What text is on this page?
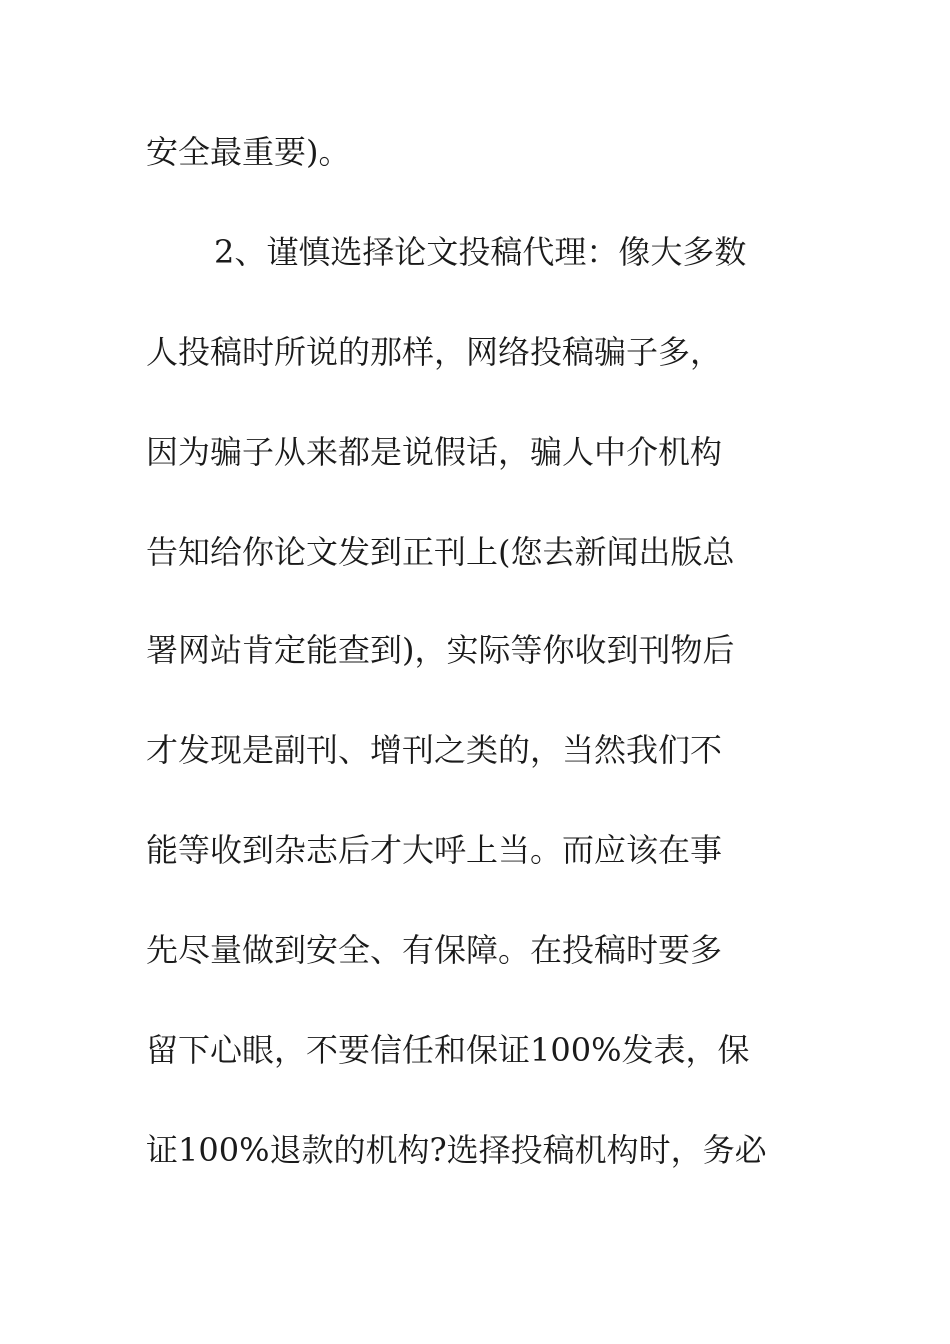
安全最重要)。
2、谨慎选择论文投稿代理：像大多数
人投稿时所说的那样，网络投稿骗子多，
因为骗子从来都是说假话，骗人中介机构
告知给你论文发到正刊上(您去新闻出版总
署网站肯定能查到)，实际等你收到刊物后
才发现是副刊、增刊之类的，当然我们不
能等收到杂志后才大呼上当。而应该在事
先尽量做到安全、有保障。在投稿时要多
留下心眼，不要信任和保证100%发表，保
证100%退款的机构?选择投稿机构时，务必
